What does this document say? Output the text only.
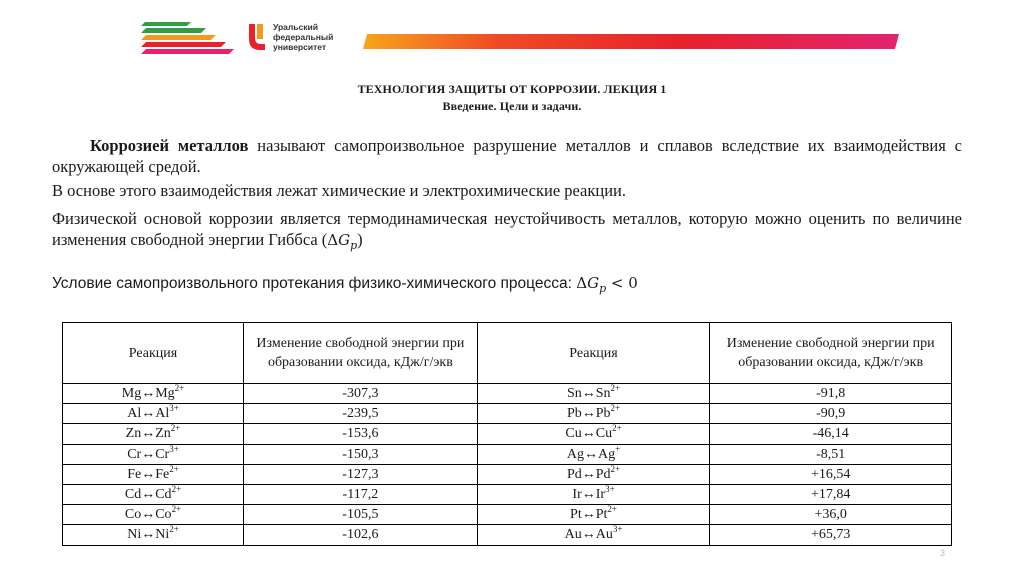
Уральский
федеральный
университет
ТЕХНОЛОГИЯ ЗАЩИТЫ ОТ КОРРОЗИИ. ЛЕКЦИЯ 1
Введение. Цели и задачи.
Коррозией металлов называют самопроизвольное разрушение металлов и сплавов вследствие их взаимодействия с окружающей средой.
В основе этого взаимодействия лежат химические и электрохимические реакции.
Физической основой коррозии является термодинамическая неустойчивость металлов, которую можно оценить по величине изменения свободной энергии Гиббса $(\Delta G_p)$
Условие самопроизвольного протекания физико-химического процесса: $\Delta G_p < 0$
Реакция	Изменение свободной энергии при образовании оксида, кДж/г/экв	Реакция	Изменение свободной энергии при образовании оксида, кДж/г/экв
$Mg\leftrightarrow Mg^{2+}$	-307,3	$Sn\leftrightarrow Sn^{2+}$	-91,8
$Al\leftrightarrow Al^{3+}$	-239,5	$Pb\leftrightarrow Pb^{2+}$	-90,9
$Zn\leftrightarrow Zn^{2+}$	-153,6	$Cu\leftrightarrow Cu^{2+}$	-46,14
$Cr\leftrightarrow Cr^{3+}$	-150,3	Ag↔Ag+	-8,51
$Fe\leftrightarrow Fe^{2+}$	-127,3	$Pd\leftrightarrow Pd^{2+}$	+16,54
$Cd\leftrightarrow Cd^{2+}$	-117,2	$Ir\leftrightarrow Ir^{3+}$	+17,84
$Co\leftrightarrow Co^{2+}$	-105,5	$Pt\leftrightarrow Pt^{2+}$	+36,0
$Ni\leftrightarrow Ni^{2+}$	-102,6	$Au\leftrightarrow Au^{3+}$	+65,73
3
